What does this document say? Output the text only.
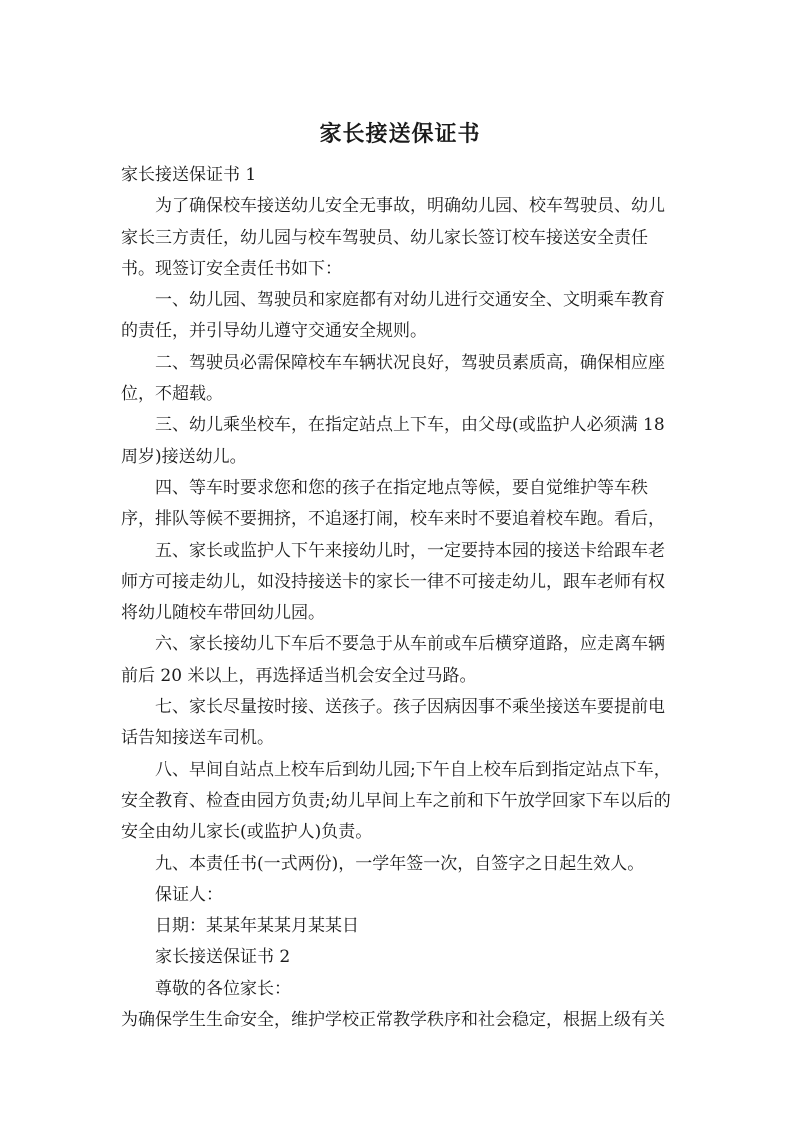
家长接送保证书

家长接送保证书 1

为了确保校车接送幼儿安全无事故，明确幼儿园、校车驾驶员、幼儿家长三方责任，幼儿园与校车驾驶员、幼儿家长签订校车接送安全责任书。现签订安全责任书如下：

一、幼儿园、驾驶员和家庭都有对幼儿进行交通安全、文明乘车教育的责任，并引导幼儿遵守交通安全规则。

二、驾驶员必需保障校车车辆状况良好，驾驶员素质高，确保相应座位，不超载。

三、幼儿乘坐校车，在指定站点上下车，由父母(或监护人必须满 18 周岁)接送幼儿。

四、等车时要求您和您的孩子在指定地点等候，要自觉维护等车秩序，排队等候不要拥挤，不追逐打闹，校车来时不要追着校车跑。看后，

五、家长或监护人下午来接幼儿时，一定要持本园的接送卡给跟车老师方可接走幼儿，如没持接送卡的家长一律不可接走幼儿，跟车老师有权将幼儿随校车带回幼儿园。

六、家长接幼儿下车后不要急于从车前或车后横穿道路，应走离车辆前后 20 米以上，再选择适当机会安全过马路。

七、家长尽量按时接、送孩子。孩子因病因事不乘坐接送车要提前电话告知接送车司机。

八、早间自站点上校车后到幼儿园;下午自上校车后到指定站点下车，安全教育、检查由园方负责;幼儿早间上车之前和下午放学回家下车以后的安全由幼儿家长(或监护人)负责。

九、本责任书(一式两份)，一学年签一次，自签字之日起生效人。

保证人：

日期：某某年某某月某某日

家长接送保证书 2

尊敬的各位家长：

为确保学生生命安全，维护学校正常教学秩序和社会稳定，根据上级有关
